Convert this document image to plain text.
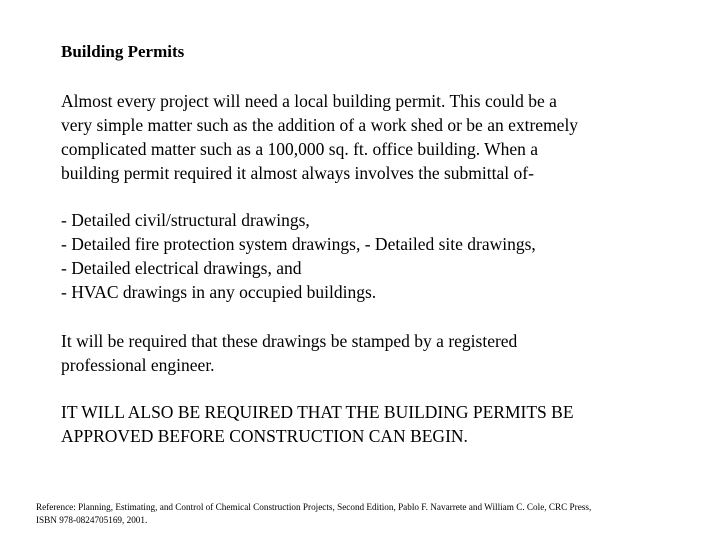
Building Permits
Almost every project will need a local building permit. This could be a
very simple matter such as the addition of a work shed or be an extremely
complicated matter such as a 100,000 sq. ft. office building. When a
building permit required it almost always involves the submittal of-
- Detailed civil/structural drawings,
- Detailed fire protection system drawings, - Detailed site drawings,
- Detailed electrical drawings, and
- HVAC drawings in any occupied buildings.
It will be required that these drawings be stamped by a registered
professional engineer.
IT WILL ALSO BE REQUIRED THAT THE BUILDING PERMITS BE
APPROVED BEFORE CONSTRUCTION CAN BEGIN.
Reference: Planning, Estimating, and Control of Chemical Construction Projects, Second Edition, Pablo F. Navarrete and William C. Cole, CRC Press,
ISBN 978-0824705169, 2001.
